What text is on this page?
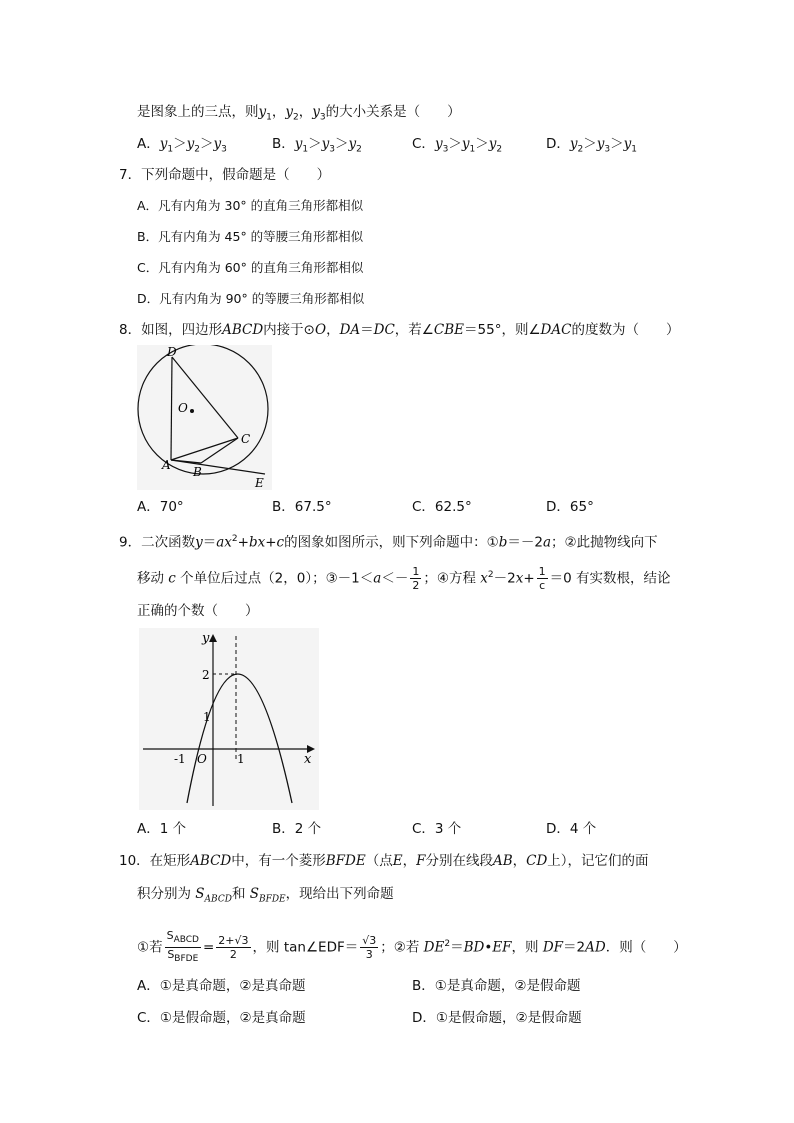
是图象上的三点，则$y_1$，$y_2$，$y_3$的大小关系是（　　）
A．$y_1>y_2>y_3$	B．$y_1>y_3>y_2$	C．$y_3>y_1>y_2$	D．$y_2>y_3>y_1$
7．下列命题中，假命题是（　　）
A．凡有内角为 30° 的直角三角形都相似
B．凡有内角为 45° 的等腰三角形都相似
C．凡有内角为 60° 的直角三角形都相似
D．凡有内角为 90° 的等腰三角形都相似
8．如图，四边形ABCD内接于⊙O，DA＝DC，若∠CBE＝55°，则∠DAC的度数为（　　）
D
O
C
A B
E
A．70°	B．67.5°	C．62.5°	D．65°
9．二次函数$y=ax^2+bx+c$的图象如图所示，则下列命题中：①b＝－2a；②此抛物线向下
移动 c 个单位后过点（2，0）；③－1＜a＜－ $\frac{1}{2}$ ；④方程 $x^2-2x+ \frac{1}{c} =0$ 有实数根，结论
正确的个数（　　）
y
x
2
1
-1 O	1
A．1 个	B．2 个	C．3 个	D．4 个
10．在矩形ABCD中，有一个菱形BFDE（点E，F分别在线段AB，CD上），记它们的面
积分别为 $S_{ABCD}$和 $S_{BFDE}$，现给出下列命题
①若 $\frac{S_{ABCD}}{S_{BFDE}} = \frac{2+√3}{2}$ ，则 tan∠EDF＝ $\frac{√3}{3}$ ；②若 $DE^2=BD•EF$，则 DF＝2AD．则（　　）
A．①是真命题，②是真命题	B．①是真命题，②是假命题
C．①是假命题，②是真命题	D．①是假命题，②是假命题
